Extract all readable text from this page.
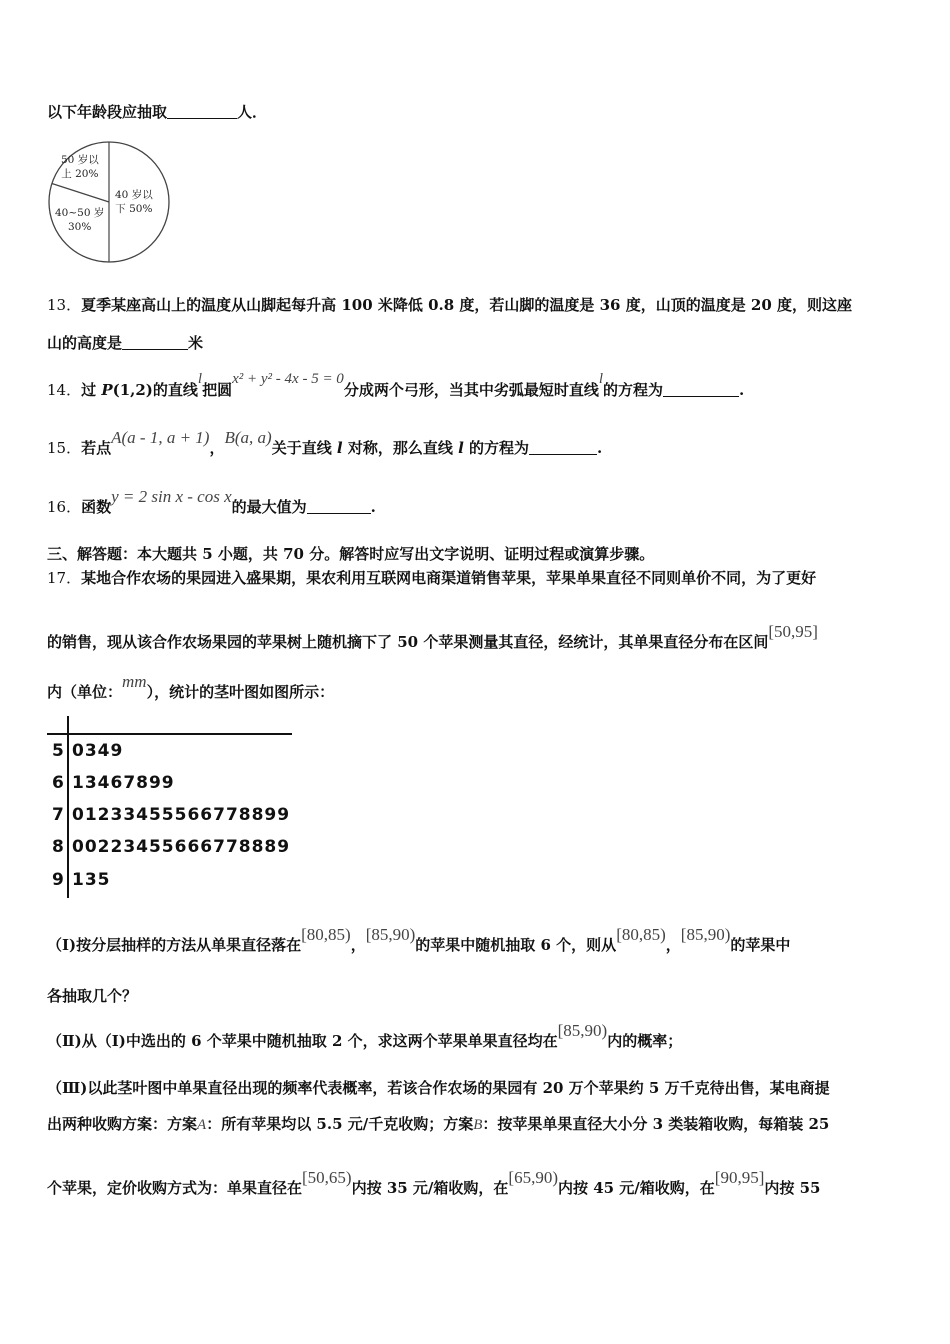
以下年龄段应抽取	人．
50 岁以
上 20%
40 岁以
下 50%
40~50 岁
30%
13．夏季某座高山上的温度从山脚起每升高 100 米降低 0.8 度，若山脚的温度是 36 度，山顶的温度是 20 度，则这座
山的高度是	米
14．过 P(1,2)的直线l把圆x² + y² - 4x - 5 = 0分成两个弓形，当其中劣弧最短时直线l的方程为	.
15．若点A(a - 1, a + 1)，B(a, a)关于直线 l 对称，那么直线 l 的方程为	.
16．函数y = 2 sin x - cos x的最大值为	.
三、解答题：本大题共 5 小题，共 70 分。解答时应写出文字说明、证明过程或演算步骤。
17．某地合作农场的果园进入盛果期，果农利用互联网电商渠道销售苹果，苹果单果直径不同则单价不同，为了更好
的销售，现从该合作农场果园的苹果树上随机摘下了 50 个苹果测量其直径，经统计，其单果直径分布在区间[50,95]
内（单位：mm），统计的茎叶图如图所示：
5 0349
6 13467899
7 01233455566778899
8 00223455666778889
9 135
（Ⅰ)按分层抽样的方法从单果直径落在[80,85)，[85,90)的苹果中随机抽取 6 个，则从[80,85)，[85,90)的苹果中
各抽取几个？
（Ⅱ)从（Ⅰ)中选出的 6 个苹果中随机抽取 2 个，求这两个苹果单果直径均在[85,90)内的概率；
（Ⅲ)以此茎叶图中单果直径出现的频率代表概率，若该合作农场的果园有 20 万个苹果约 5 万千克待出售，某电商提
出两种收购方案：方案A：所有苹果均以 5.5 元/千克收购；方案B：按苹果单果直径大小分 3 类装箱收购，每箱装 25
个苹果，定价收购方式为：单果直径在[50,65)内按 35 元/箱收购，在[65,90)内按 45 元/箱收购，在[90,95]内按 55
